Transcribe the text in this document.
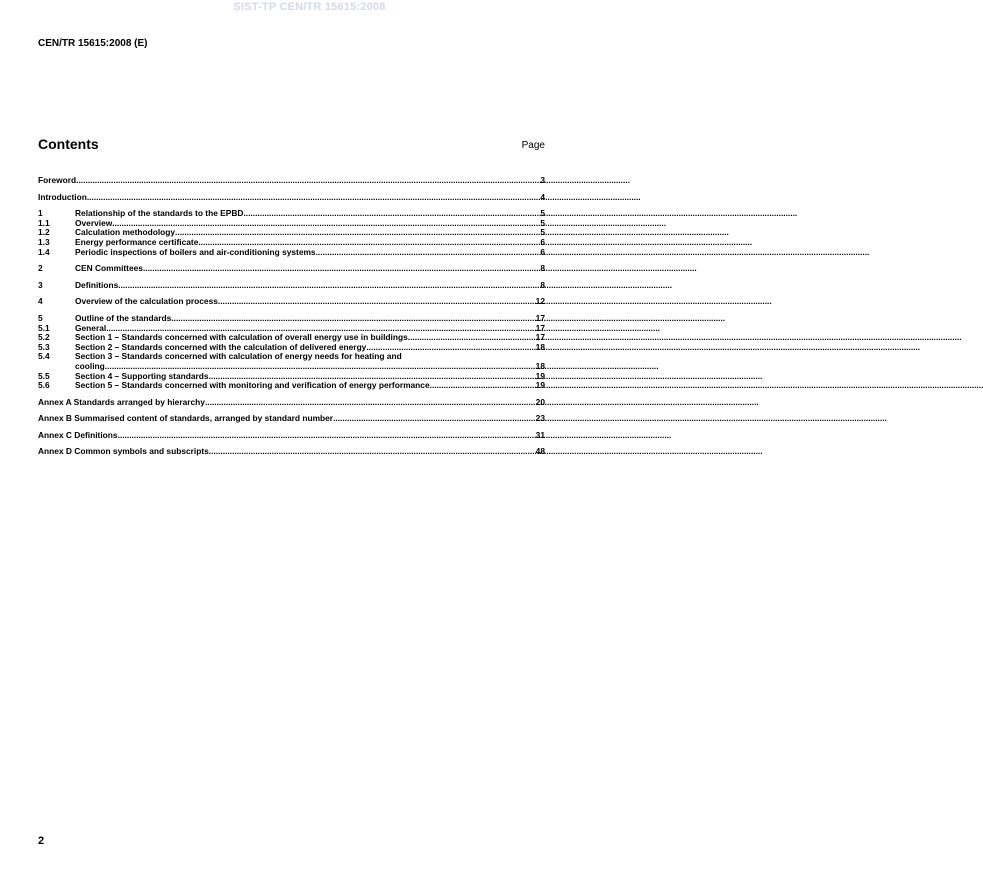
SIST-TP CEN/TR 15615:2008
CEN/TR 15615:2008 (E)
Contents	Page
Foreword .....	3
Introduction .....	4
1	Relationship of the standards to the EPBD .....	5
1.1	Overview .....	5
1.2	Calculation methodology .....	5
1.3	Energy performance certificate .....	6
1.4	Periodic inspections of boilers and air-conditioning systems .....	6
2	CEN Committees .....	8
3	Definitions .....	8
4	Overview of the calculation process .....	12
5	Outline of the standards .....	17
5.1	General .....	17
5.2	Section 1 – Standards concerned with calculation of overall energy use in buildings .....	17
5.3	Section 2 – Standards concerned with the calculation of delivered energy .....	18
5.4	Section 3 – Standards concerned with calculation of energy needs for heating and
cooling .....	18
5.5	Section 4 – Supporting standards .....	19
5.6	Section 5 – Standards concerned with monitoring and verification of energy performance .....	19
Annex A Standards arranged by hierarchy .....	20
Annex B Summarised content of standards, arranged by standard number .....	23
Annex C Definitions .....	31
Annex D Common symbols and subscripts .....	48
2
